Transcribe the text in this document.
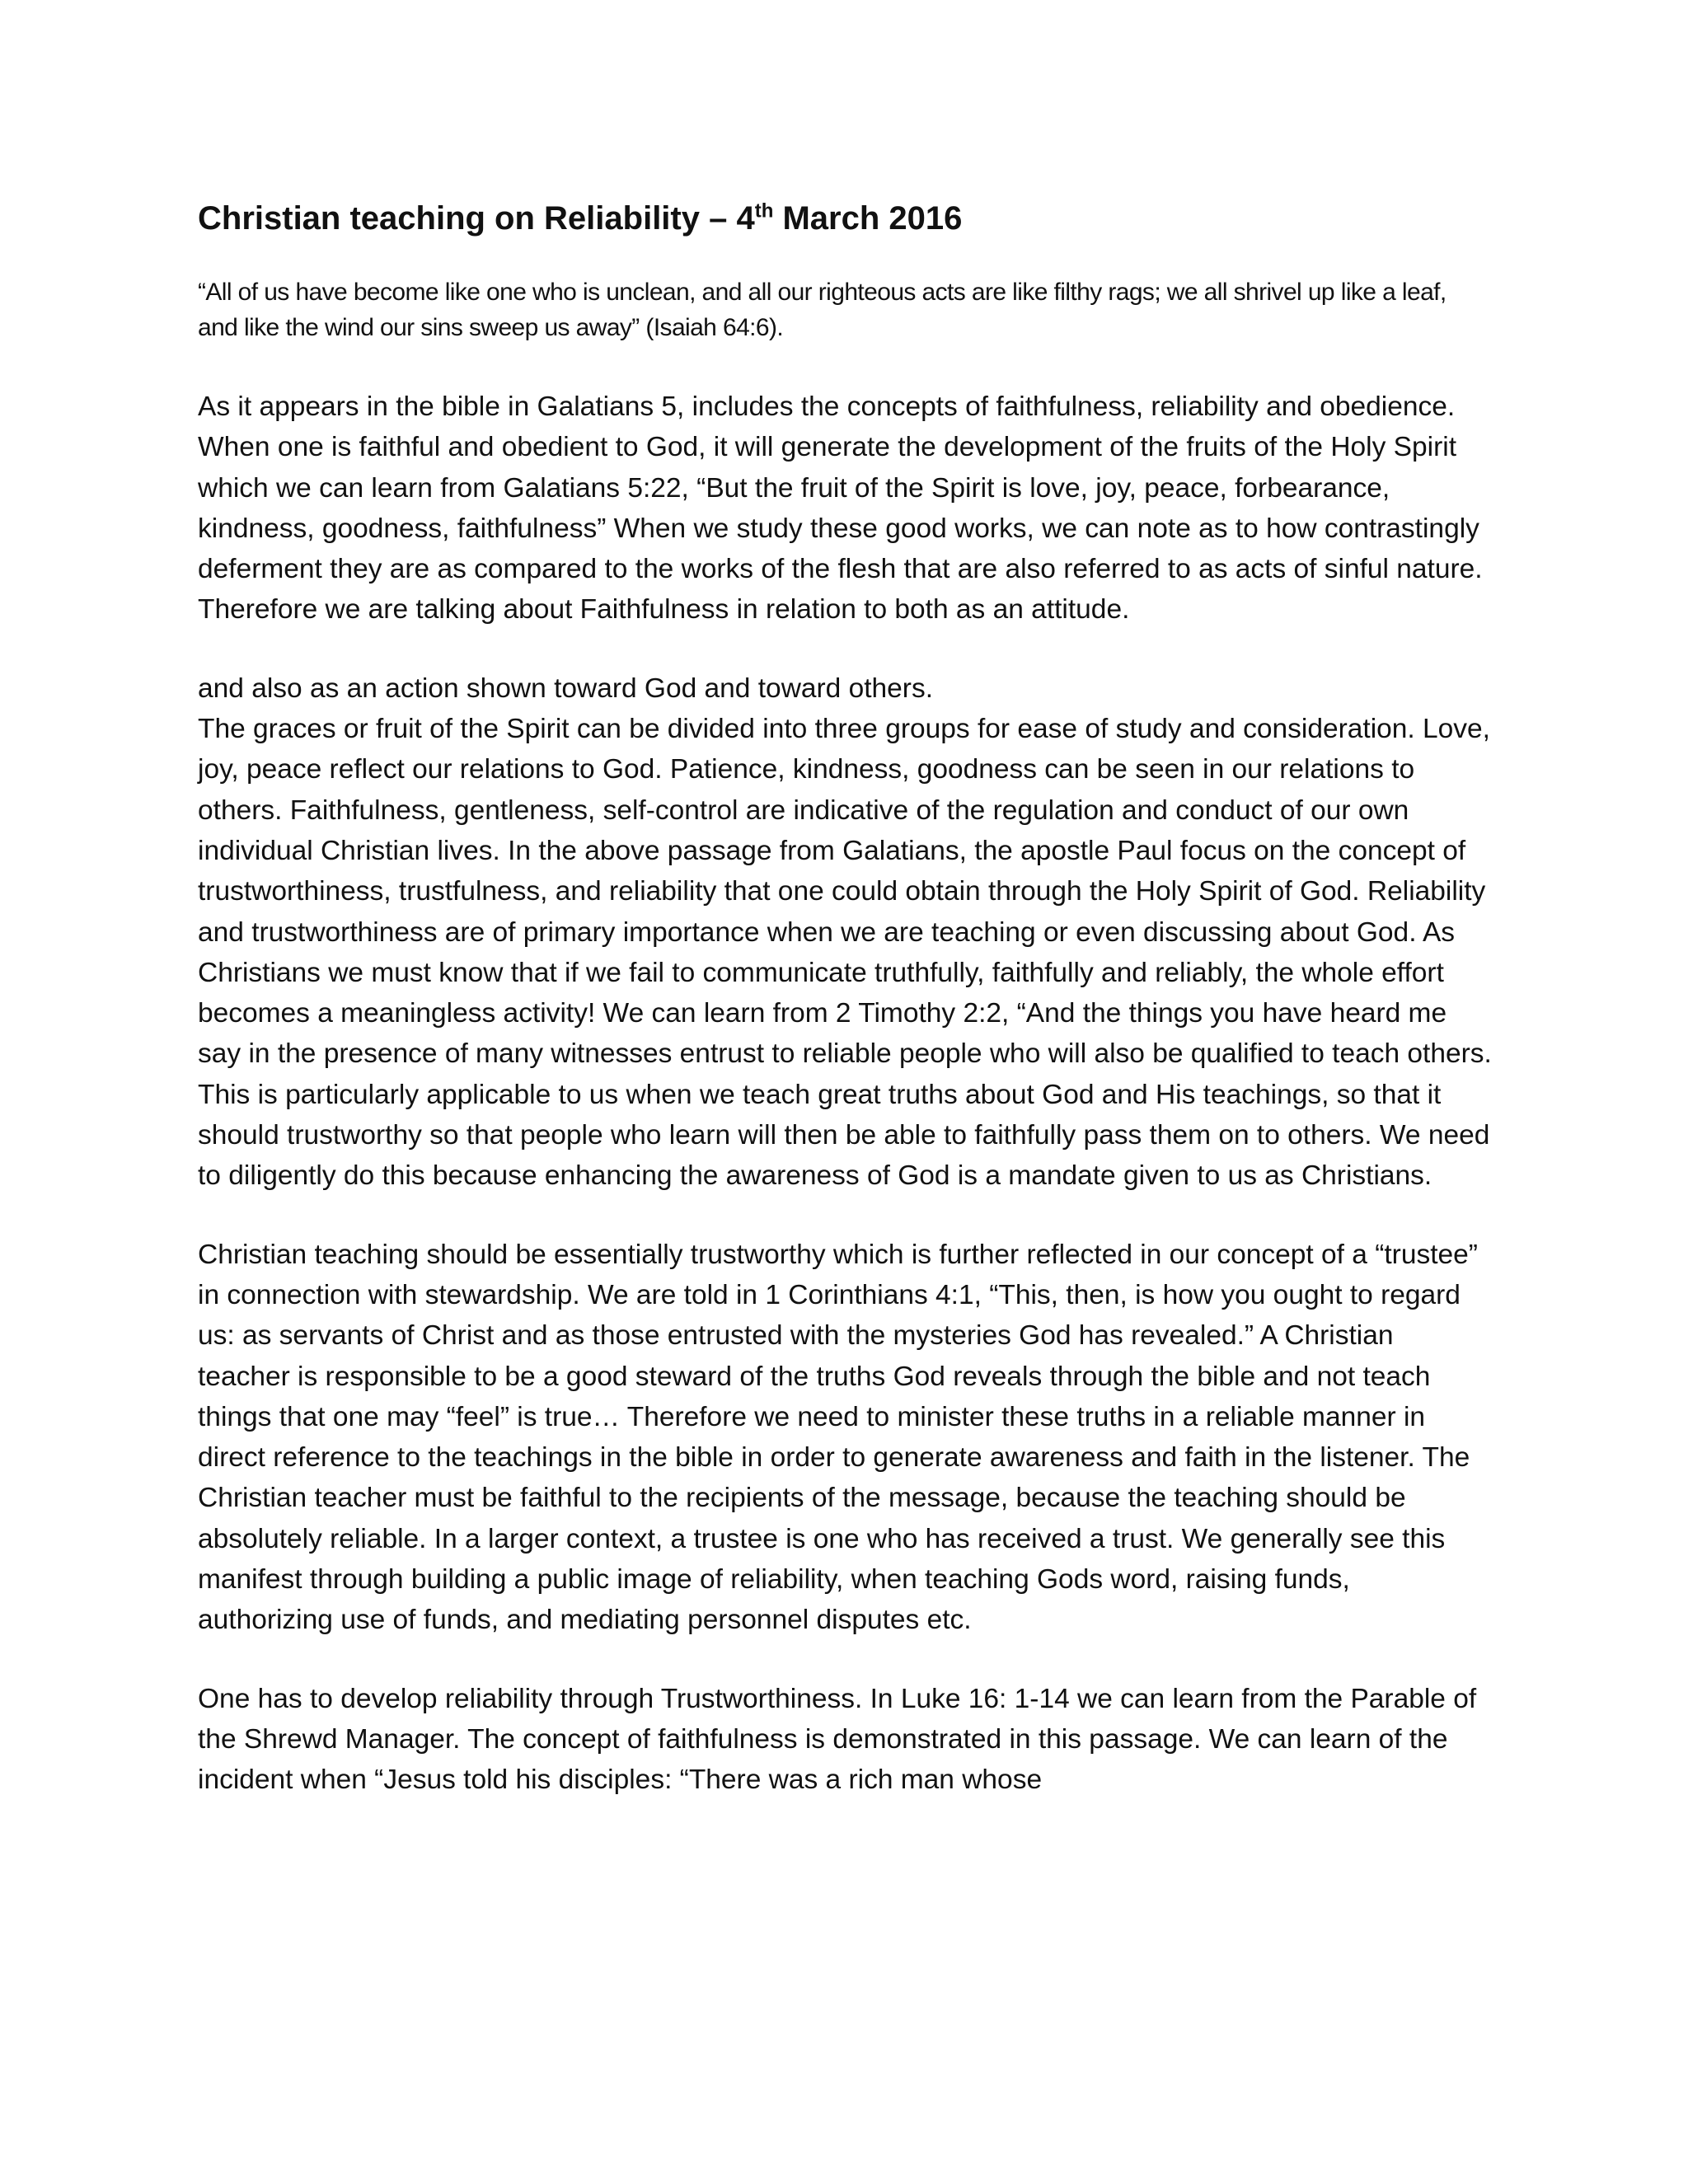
Christian teaching on Reliability – 4th March 2016

“All of us have become like one who is unclean, and all our righteous acts are like filthy rags; we all shrivel up like a leaf, and like the wind our sins sweep us away” (Isaiah 64:6).

As it appears in the bible in Galatians 5, includes the concepts of faithfulness, reliability and obedience. When one is faithful and obedient to God, it will generate the development of the fruits of the Holy Spirit which we can learn from Galatians 5:22, “But the fruit of the Spirit is love, joy, peace, forbearance, kindness, goodness, faithfulness” When we study these good works, we can note as to how contrastingly deferment they are as compared to the works of the flesh that are also referred to as acts of sinful nature. Therefore we are talking about Faithfulness in relation to both as an attitude.

and also as an action shown toward God and toward others.

The graces or fruit of the Spirit can be divided into three groups for ease of study and consideration. Love, joy, peace reflect our relations to God. Patience, kindness, goodness can be seen in our relations to others. Faithfulness, gentleness, self-control are indicative of the regulation and conduct of our own individual Christian lives. In the above passage from Galatians, the apostle Paul focus on the concept of trustworthiness, trustfulness, and reliability that one could obtain through the Holy Spirit of God. Reliability and trustworthiness are of primary importance when we are teaching or even discussing about God. As Christians we must know that if we fail to communicate truthfully, faithfully and reliably, the whole effort becomes a meaningless activity! We can learn from 2 Timothy 2:2, “And the things you have heard me say in the presence of many witnesses entrust to reliable people who will also be qualified to teach others. This is particularly applicable to us when we teach great truths about God and His teachings, so that it should trustworthy so that people who learn will then be able to faithfully pass them on to others. We need to diligently do this because enhancing the awareness of God is a mandate given to us as Christians.

Christian teaching should be essentially trustworthy which is further reflected in our concept of a “trustee” in connection with stewardship. We are told in 1 Corinthians 4:1, “This, then, is how you ought to regard us: as servants of Christ and as those entrusted with the mysteries God has revealed.” A Christian teacher is responsible to be a good steward of the truths God reveals through the bible and not teach things that one may “feel” is true… Therefore we need to minister these truths in a reliable manner in direct reference to the teachings in the bible in order to generate awareness and faith in the listener. The Christian teacher must be faithful to the recipients of the message, because the teaching should be absolutely reliable. In a larger context, a trustee is one who has received a trust. We generally see this manifest through building a public image of reliability, when teaching Gods word, raising funds, authorizing use of funds, and mediating personnel disputes etc.

One has to develop reliability through Trustworthiness. In Luke 16: 1-14 we can learn from the Parable of the Shrewd Manager. The concept of faithfulness is demonstrated in this passage. We can learn of the incident when “Jesus told his disciples: “There was a rich man whose
